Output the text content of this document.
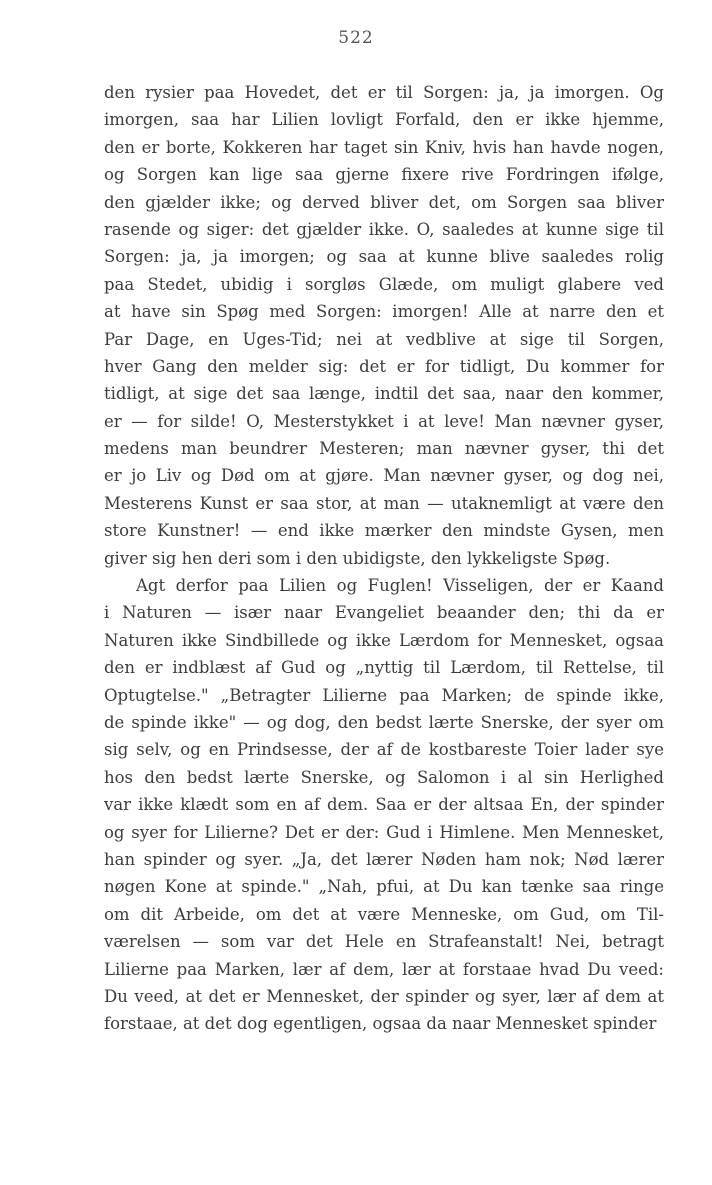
522
den rysier paa Hovedet, det er til Sorgen: ja, ja imorgen. Og
imorgen, saa har Lilien lovligt Forfald, den er ikke hjemme,
den er borte, Kokkeren har taget sin Kniv, hvis han havde nogen,
og Sorgen kan lige saa gjerne fixere rive Fordringen ifølge,
den gjælder ikke; og derved bliver det, om Sorgen saa bliver
rasende og siger: det gjælder ikke. O, saaledes at kunne sige til
Sorgen: ja, ja imorgen; og saa at kunne blive saaledes rolig
paa Stedet, ubidig i sorgløs Glæde, om muligt glabere ved
at have sin Spøg med Sorgen: imorgen! Alle at narre den et
Par Dage, en Uges-Tid; nei at vedblive at sige til Sorgen,
hver Gang den melder sig: det er for tidligt, Du kommer for
tidligt, at sige det saa længe, indtil det saa, naar den kommer,
er — for silde! O, Mesterstykket i at leve! Man nævner gyser,
medens man beundrer Mesteren; man nævner gyser, thi det
er jo Liv og Død om at gjøre. Man nævner gyser, og dog nei,
Mesterens Kunst er saa stor, at man — utaknemligt at være den
store Kunstner! — end ikke mærker den mindste Gysen, men
giver sig hen deri som i den ubidigste, den lykkeligste Spøg.
Agt derfor paa Lilien og Fuglen! Visseligen, der er Kaand
i Naturen — især naar Evangeliet beaander den; thi da er
Naturen ikke Sindbillede og ikke Lærdom for Mennesket, ogsaa
den er indblæst af Gud og „nyttig til Lærdom, til Rettelse, til
Optugtelse." „Betragter Lilierne paa Marken; de spinde ikke,
de spinde ikke" — og dog, den bedst lærte Snerske, der syer om
sig selv, og en Prindsesse, der af de kostbareste Toier lader sye
hos den bedst lærte Snerske, og Salomon i al sin Herlighed
var ikke klædt som en af dem. Saa er der altsaa En, der spinder
og syer for Lilierne? Det er der: Gud i Himlene. Men Mennesket,
han spinder og syer. „Ja, det lærer Nøden ham nok; Nød lærer
nøgen Kone at spinde." „Nah, pfui, at Du kan tænke saa ringe
om dit Arbeide, om det at være Menneske, om Gud, om Til-
værelsen — som var det Hele en Strafeanstalt! Nei, betragt
Lilierne paa Marken, lær af dem, lær at forstaae hvad Du veed:
Du veed, at det er Mennesket, der spinder og syer, lær af dem at
forstaae, at det dog egentligen, ogsaa da naar Mennesket spinder
